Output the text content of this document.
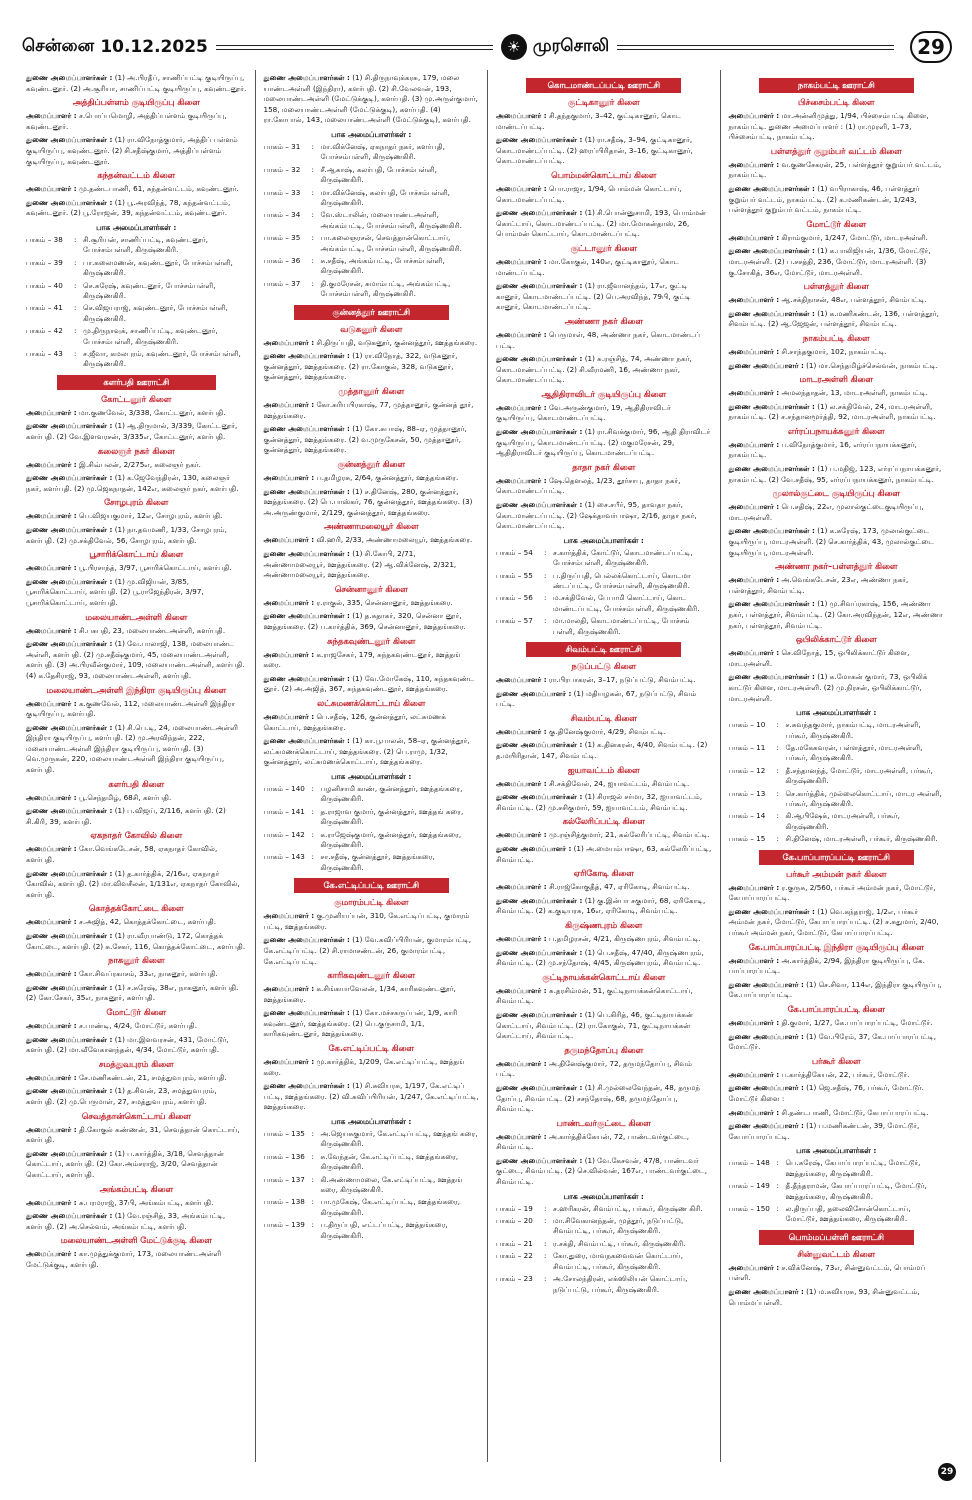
சென்னை 10.12.2025	☀ முரசொலி	29
துணை அமைப்பாளர்கள் : (1) அ.பிரதீப், சாணிப்பட்டி குடியிருப்பு, கவுண்டனூர். (2) அ.சூரியா, சாணிப்பட்டி குடியிருப்பு, கவுண்டனூர்.
அத்திப்பள்ளம் குடியிருப்பு கிளை
அமைப்பாளர் : ச.பொப்பமொழி, அத்திப்பள்ளம் குடியிருப்பு, கவுண்டனூர்.
துணை அமைப்பாளர்கள் : (1) ரா.விநோத்குமார், அத்திப் பள்ளம் குடியிருப்பு, கவுண்டனூர். (2) சி.சதீஷ்குமார், அத்திப்பள்ளம் குடியிருப்பு, கவுண்டனூர்.
கந்தன்வட்டம் கிளை
அமைப்பாளர் : மு.தண்டபாணி, 61, சுந்தன்வட்டம், கவுண்டனூர்.
துணை அமைப்பாளர்கள் : (1) பூ.அரவிந்த், 78, கந்தன்வட்டம், கவுண்டனூர். (2) பூ.ரோஜன், 39, கந்தன்வட்டம், கவுண்டனூர்.
பாக அமைப்பாளர்கள் :
பாகம் – 38	: சி.சூரியன், சாணிப்பட்டி, கவுண்டனூர், போச்சம்பள்ளி, கிருஷ்ணகிரி.
பாகம் – 39	: பா.கலைமணன், கவுண்டனூர், போச்சம்பள்ளி, கிருஷ்ணகிரி.
பாகம் – 40	: செ.சுரேஷ், கவுண்டனூர், போச்சம்பள்ளி, கிருஷ்ணகிரி.
பாகம் – 41	: செ.விஜயராஜ், கவுண்டனூர், போச்சம்பள்ளி, கிருஷ்ணகிரி.
பாகம் – 42	: மு.திருநாவுக், சாணிப்பட்டி, கவுண்டனூர், போச்சம்பள்ளி, கிருஷ்ணகிரி.
பாகம் – 43	: ச.ஜீவா, கமலபுரம், கவுண்டனூர், போச்சம்பள்ளி, கிருஷ்ணகிரி.
களர்பதி ஊராட்சி
கோட்டனூர் கிளை
அமைப்பாளர் : மா.குணவேல், 3/338, கோட்டனூர், களர்பதி.
துணை அமைப்பாளர்கள் : (1) ஆ.திருமால், 3/339, கோட்டனூர், களர்பதி. (2) வே.இளவரசன், 3/335எ, கோட்டனூர், களர்பதி.
கலைஞர் நகர் கிளை
அமைப்பாளர் : இ.சிவ்பலன், 2/275எ, கலைஞர் நகர்.
துணை அமைப்பாளர்கள் : (1) க.ஜேவேந்திரன், 130, கலைஞர் நகர், களர்பதி. (2) மு.ஜெகநாதன், 142எ, கலைஞர் நகர், களர்பதி.
சோழபுரம் கிளை
அமைப்பாளர் : பெ.விஜயகுமார், 12எ, சோழபுரம், களர்பதி.
துணை அமைப்பாளர்கள் : (1) நா.தவமணி, 1/33, சோழபுரம், களர்பதி. (2) மு.சக்திவேல், 56, சோழபுரம், களர்பதி.
பூசாரிக்கொட்டாய் கிளை
அமைப்பாளர் : பூ.பிரசாந்த், 3/97, பூசாரிக்கொட்டாய், களர்பதி.
துணை அமைப்பாளர்கள் : (1) மு.விஜியன், 3/85, பூசாரிக்கொட்டாய், களர்பதி. (2) பூ.ராஜேந்திரன், 3/97, பூசாரிக்கொட்டாய், களர்பதி.
மலையாண்டஅள்ளி கிளை
அமைப்பாளர் : சி.பசுபதி, 23, மலையாண்டஅள்ளி, களர்பதி.
துணை அமைப்பாளர்கள் : (1) வே.பாலாஜி, 138, மலையாண்ட அள்ளி, களர்பதி. (2) மு.சதீஷ்குமார், 45, மலையாண்டஅள்ளி, களர்பதி. (3) அ.பிரவீன்குமார், 109, மலையாண்டஅள்ளி, களர்பதி. (4) க.தேசிராஜ், 93, மலையாண்டஅள்ளி, களர்பதி.
மலையாண்டஅள்ளி இந்திரா குடியிருப்பு கிளை
அமைப்பாளர் : க.குணவேல், 112, மலையாண்டஅள்ளி இந்திரா குடியிருப்பு, களர்பதி.
துணை அமைப்பாளர்கள் : (1) சி.பெ.டி, 24, மலையாண்டஅள்ளி இந்திரா குடியிருப்பு, களர்பதி. (2) மு.அரவிந்தன், 222, மலையாண்டஅள்ளி இந்திரா குடியிருப்பு, களர்பதி. (3) வெ.முருகன், 220, மலையாண்டஅள்ளி இந்திரா குடியிருப்பு, களர்பதி.
களர்பதி கிளை
அமைப்பாளர் : பூ.செந்தமிழ், 68சி, களர்பதி.
துணை அமைப்பாளர்கள் : (1) ப.விஜய், 2/116, களர்பதி. (2) சி.கிரி, 39, களர்பதி.
ஏகநாதர் கோவில் கிளை
அமைப்பாளர் : கோ.வெங்கடேசன், 58, ஏகநாதர் கோவில், களர்பதி.
துணை அமைப்பாளர்கள் : (1) த.கார்த்திக், 2/16எ, ஏகநாதர் கோவில், களர்பதி. (2) மா.விவசீலன், 1/131எ, ஏகநாதர் கோவில், களர்பதி.
கொத்தக்கோட்டை கிளை
அமைப்பாளர் : ச.அஜித், 42, கொத்தக்கோட்டை, களர்பதி.
துணை அமைப்பாளர்கள் : (1) ரா.வீரபாண்டு, 172, கொத்தக் கோட்டை, களர்பதி. (2) சு.சேகர், 116, கொத்தக்கோட்டை, களர்பதி.
நாகனூர் கிளை
அமைப்பாளர் : கோ.சிவப்ரகாசம், 33எ, நாகனூர், களர்பதி.
துணை அமைப்பாளர்கள் : (1) ச.சுரேஷ், 38எ, நாகனூர், களர்பதி. (2) கோ.சேகர், 35எ, நாகனூர், களர்பதி.
மோட்டூர் கிளை
அமைப்பாளர் : ச.பாண்டி, 4/24, மோட்டூர், களர்பதி.
துணை அமைப்பாளர்கள் : (1) மா.இளவரசன், 431, மோட்டூர், களர்பதி. (2) மா.வீவேகானந்தன், 4/34, மோட்டூர், களர்பதி.
சமத்துவபுரம் கிளை
அமைப்பாளர் : சே.மணிகண்டன், 21, சமத்துவபுரம், களர்பதி.
துணை அமைப்பாளர்கள் : (1) த.சிவன், 23, சமத்துவபுரம், களர்பதி. (2) மு.பெருமாள், 27, சமத்துவபுரம், களர்பதி.
செவத்தான்கொட்டாய் கிளை
அமைப்பாளர் : தி.கோகுல் கண்ணன், 31, செவத்தான் கொட்டாய், களர்பதி.
துணை அமைப்பாளர்கள் : (1) ப.கார்த்திக், 3/18, செவத்தான் கொட்டாய், களர்பதி. (2) கோ.அம்சராஜ், 3/20, செவத்தான் கொட்டாய், களர்பதி.
அங்கம்பட்டி கிளை
அமைப்பாளர் : சு.பரமராஜ், 37பி, அங்கம்பட்டி, களர்பதி.
துணை அமைப்பாளர்கள் : (1) வே.ரஞ்சித், 33, அங்கம்பட்டி, களர்பதி. (2) அ.செல்வம், அங்கம்பட்டி, களர்பதி.
மலையாண்டஅள்ளி மேட்டுக்குடி கிளை
அமைப்பாளர் : கா.முத்துக்குமார், 173, மலையாண்டஅள்ளி மேட்டுக்குடி, களர்பதி.
துணை அமைப்பாளர்கள் : (1) சி.திருநாவுக்கரசு, 179, மலை யாண்டஅள்ளி (இந்திரா), களர்பதி. (2) சி.வேலவன், 193, மலையாண்டஅள்ளி (மேட்டுக்குடி), களர்பதி. (3) மு.அருள்குமார், 158, மலையாண்டஅள்ளி (மேட்டுக்குடி), களர்பதி. (4) ரா.கோபால், 143, மலையாண்டஅள்ளி (மேட்டுக்குடி), களர்பதி.
பாக அமைப்பாளர்கள் :
பாகம் – 31	: மா.விக்னேஷ், ஏகநாதர் நகர், களர்பதி, போச்சம்பள்ளி, கிருஷ்ணகிரி.
பாகம் – 32	: சீ.ஆகாஷ், கலர்பதி, போச்சம்பள்ளி, கிருஷ்ணகிரி.
பாகம் – 33	: மா.விக்னேஷ், கலர்பதி, போச்சம்பள்ளி, கிருஷ்ணகிரி.
பாகம் – 34	: வே.ஸ்டாலின், மலையாண்டஅள்ளி, அங்கம்பட்டி, போச்சம்பள்ளி, கிருஷ்ணகிரி.
பாகம் – 35	: பா.கலைஞரசன், செவத்தான்கொட்டாய், அங்கம்பட்டி, போச்சம்பள்ளி, கிருஷ்ணகிரி.
பாகம் – 36	: சு.சதீஷ், அங்கம்பட்டி, போச்சம்பள்ளி, கிருஷ்ணகிரி.
பாகம் – 37	: தி.குமரேசன், சுமாம்பட்டி, அங்கம்பட்டி, போச்சம்பள்ளி, கிருஷ்ணகிரி.
குன்னத்தூர் ஊராட்சி
வடுகனூர் கிளை
அமைப்பாளர் : சி.திருப்பதி, வடுகனூர், குன்னத்தூர், ஊத்தங்கரை.
துணை அமைப்பாளர்கள் : (1) ரா.விநோத், 322, வடுகனூர், குன்னத்தூர், ஊத்தங்கரை. (2) ரா.கோகுல், 328, வடுகனூர், குன்னத்தூர், ஊத்தங்கரை.
முத்தானூர் கிளை
அமைப்பாளர் : கோ.சுரியபிரகாஷ், 77, முத்தானூர், குன்னத் தூர், ஊத்தங்கரை.
துணை அமைப்பாளர்கள் : (1) கோ.சுபாஷ், 88–ஏ, முத்தானூர், குன்னத்தூர், ஊத்தங்கரை. (2) வ.முருகேசன், 50, முத்தானூர், குன்னத்தூர், ஊத்தங்கரை.
குன்னத்தூர் கிளை
அமைப்பாளர் : ப.தமிழரசு, 2/64, குன்னத்தூர், ஊத்தங்கரை.
துணை அமைப்பாளர்கள் : (1) ச.தினேஷ், 280, குன்னத்தூர், ஊத்தங்கரை. (2) பெ.பாஸ்கர், 76, குன்னத்தூர், ஊத்தங்கரை. (3) அ.அருண்குமார், 2/129, குன்னத்தூர், ஊத்தங்கரை.
அண்ணாமலையூர் கிளை
அமைப்பாளர் : வி.ஹரி, 2/33, அண்ணாமலையூர், ஊத்தங்கரை.
துணை அமைப்பாளர்கள் : (1) சி.கோபி, 2/71, அண்ணாமலையூர், ஊத்தங்கரை. (2) ஆ.விக்னேஷ், 2/321, அண்ணாமலையூர், ஊத்தங்கரை.
சென்னானூர் கிளை
அமைப்பாளர் : ர.ராகுல், 335, சென்னானூர், ஊத்தங்கரை.
துணை அமைப்பாளர்கள் : (1) த.சுதாகர், 320, சென்னா னூர், ஊத்தங்கரை. (2) ப.கார்த்திக், 369, சென்னானூர், ஊத்தங்கரை.
சுந்தகவுண்டனூர் கிளை
அமைப்பாளர் : க.ராஜசேகர், 179, சுந்தகவுண்டனூர், ஊத்தங் கரை.
துணை அமைப்பாளர்கள் : (1) வே.மோகேஷ், 110, சுந்தகவுண்ட னூர். (2) அ.அஜித், 367, சுந்தகவுண்டனூர், ஊத்தங்கரை.
லட்சுமணக்கொட்டாய் கிளை
அமைப்பாளர் : பெ.சதீஷ், 126, குன்னத்தூர், லட்சுமணக் கொட்டாய், ஊத்தங்கரை.
துணை அமைப்பாளர்கள் : (1) கா.பூபாலன், 58–ஏ, குன்னத்தூர், லட்சுமணக்கொட்டாய், ஊத்தங்கரை. (2) பெ.ராமு, 1/32, குன்னத்தூர், லட்சுமணக்கொட்டாய், ஊத்தங்கரை.
பாக அமைப்பாளர்கள் :
பாகம் – 140 : பழனிசாமி காண், குன்னத்தூர், ஊத்தங்கரை, கிருஷ்ணகிரி.
பாகம் – 141 : த.ராஜாவ குமார், குன்னத்தூர், ஊத்தங் கரை, கிருஷ்ணகிரி.
பாகம் – 142 : க.ராஜேஷ்குமார், குன்னத்தூர், ஊத்தங்கரை, கிருஷ்ணகிரி.
பாகம் – 143 : சா.சதீஷ், குன்னத்தூர், ஊத்தங்கரை, கிருஷ்ணகிரி.
கே.எட்டிப்பட்டி ஊராட்சி
குமாரம்பட்டி கிளை
அமைப்பாளர் : கு.முனியப்பன், 310, கே.எட்டிப்பட்டி, குமாரம் பட்டி, ஊத்தங்கரை.
துணை அமைப்பாளர்கள் : (1) வே.சுவிப்பிரியன், குமாரம்பட்டி, கே.எட்டிப்பட்டி. (2) சி.ராமாசண்டன், 26, குமாரம்பட்டி, கே.எட்டிப்பட்டி.
காரிகவுண்டனூர் கிளை
அமைப்பாளர் : க.சிங்கயாவேலன், 1/34, காரிகவுண்டனூர், ஊத்தங்கரை.
துணை அமைப்பாளர்கள் : (1) கோ.மச்சகருப்பன், 1/9, காரி கவுண்டனூர், ஊத்தங்கரை. (2) பெ.குருசாமி, 1/1, காரிகவுண்டனூர், ஊத்தங்கரை.
கே.எட்டிப்பட்டி கிளை
அமைப்பாளர் : மு.கார்த்திக், 1/209, கே.எட்டிப்பட்டி, ஊத்தங் கரை.
துணை அமைப்பாளர்கள் : (1) சி.சுவியரசு, 1/197, கே.எட்டிப் பட்டி, ஊத்தங்கரை. (2) வி.சுவிப்பிரியன், 1/247, கே.எட்டிப்பட்டி, ஊத்தங்கரை.
பாக அமைப்பாளர்கள் :
பாகம் – 135 : அ.ஜெயசுகுமார், கே.எட்டிப்பட்டி, ஊத்தங் கரை, கிருஷ்ணகிரி.
பாகம் – 136 : சு.வேந்தன், கே.எட்டிப்பட்டி, ஊத்தங்கரை, கிருஷ்ணகிரி.
பாகம் – 137 : கி.அண்ணாமலை, கே.எட்டிப்பட்டி, ஊத்தங் கரை, கிருஷ்ணகிரி.
பாகம் – 138 : பா.முகேஷ், கே.எட்டிப்பட்டி, ஊத்தங்கரை, கிருஷ்ணகிரி.
பாகம் – 139 : ப.திருப்பதி, எட்டப்பட்டி, ஊத்தங்கரை, கிருஷ்ணகிரி.
கொடமாண்டப்பட்டி ஊராட்சி
குட்டிகானூர் கிளை
அமைப்பாளர் : சி.தந்தகுமார், 3–42, குட்டிகானூர், கொட மாண்டப்பட்டி.
துணை அமைப்பாளர்கள் : (1) ரா.சதீஷ், 3–94, குட்டிகானூர், கொடமாண்டப்பட்டி. (2) ஹரப்பிரிதான், 3–16, குட்டிகானூர், கொடமாண்டப்பட்டி.
பொம்மன்கொட்டாய் கிளை
அமைப்பாளர் : பொ.ராஜா, 1/94, பொம்மன் கொட்டாய், கொடமாண்டப்பட்டி.
துணை அமைப்பாளர்கள் : (1) சி.பொன்னுசாமி, 193, பொம்மன் கொட்டாய், கொடமாண்டப்பட்டி. (2) மா.மோகன்தாஸ், 26, பொம்மன் கொட்டாய், கொடமாண்டப்பட்டி.
குட்டானூர் கிளை
அமைப்பாளர் : மா.கோகுல், 140எ, குட்டிகானூர், கொட மாண்டப்பட்டி.
துணை அமைப்பாளர்கள் : (1) ரா.ஜீவானந்தம், 17எ, குட்டி கானூர், கொடமாண்டப்பட்டி. (2) பெ.அரவிந்த், 79பி, குட்டி கானூர், கொடமாண்டப்பட்டி.
அண்ணா நகர் கிளை
அமைப்பாளர் : பெருமாள், 48, அண்ணா நகர், கொடமாண்டப் பட்டி.
துணை அமைப்பாளர்கள் : (1) சு.ரஞ்சித், 74, அண்ணா நகர், கொடமாண்டப்பட்டி. (2) சி.வீரமணி, 16, அண்ணா நகர், கொடமாண்டப்பட்டி.
ஆதிதிராவிடர் குடியிருப்பு கிளை
அமைப்பாளர் : வே.அருண்குமார், 19, ஆதிதிராவிடர் குடியிருப்பு, கொடமாண்டப்பட்டி.
துணை அமைப்பாளர்கள் : (1) ரா.சிவக்குமார், 96, ஆதி திராவிடர் குடியிருப்பு, கொடமாண்டப்பட்டி. (2) மகுமரேசன், 29, ஆதிதிராவிடர் குடியிருப்பு, கொடமாண்டப்பட்டி.
தாதா நகர் கிளை
அமைப்பாளர் : ஷே.தெளலத், 1/23, தூர்சாபு, தாதா நகர், கொடமாண்டப்பட்டி.
துணை அமைப்பாளர்கள் : (1) சை.சபீர், 95, தாவதா நகர், கொடமாண்டப்பட்டி. (2) ஷேக்தாவர்பாஷா, 2/16, தாதா நகர், கொடமாண்டப்பட்டி.
பாக அமைப்பாளர்கள் :
பாகம் – 54	: ச.கார்த்திக், கோட்டூர், கொடமாண்டப்பட்டி, போச்சம்பள்ளி, கிருஷ்ணகிரி.
பாகம் – 55	: ப.திருப்பதி, பெல்லக்கொட்டாய், கொடமா ண்டப்பட்டி, போச்சம்பள்ளி, கிருஷ்ணகிரி.
பாகம் – 56	: ம.சக்திவேல், பேபாமி கொட்டாய், கொட மாண்டப்பட்டி, போச்சம்பள்ளி, கிருஷ்ணகிரி.
பாகம் – 57	: மா.மாலதி, கொடமாண்டப்பட்டி, போச்சம் பள்ளி, கிருஷ்ணகிரி.
சிவம்பட்டி ஊராட்சி
நடுப்பட்டு கிளை
அமைப்பாளர் : ரா.பிரபாகரன், 3–17, நடுப்பட்டு, சிவம்பட்டி.
துணை அமைப்பாளர் : (1) மதியழகன், 67, நடுப்பட்டு, சிவம் பட்டி.
சிவம்பட்டி கிளை
அமைப்பாளர் : கு.தினேஷ்குமார், 4/29, சிவம்பட்டி.
துணை அமைப்பாளர்கள் : (1) க.தினகரன், 4/40, சிவம்பட்டி. (2) த.மயிரிதான், 147, சிவம்பட்டி.
ஐயாவட்டம் கிளை
அமைப்பாளர் : சி.சக்திவேல், 24, ஐயாவட்டம், சிவம்பட்டி.
துணை அமைப்பாளர்கள் : (1) சிராஜல் சர்மா, 32, ஐயாவட்டம், சிவம்பட்டி. (2) மு.சசிகுமார், 59, ஐயாவட்டம், சிவம்பட்டி.
கல்லேரிப்பட்டி கிளை
அமைப்பாளர் : மு.ரஞ்சித்குமார், 21, கல்லேரிப்பட்டி, சிவம்பட்டி.
துணை அமைப்பாளர் : (1) அ.மையம்பாஷா, 63, கல்லேரிப்பட்டி, சிவம்பட்டி.
ஏரிகோடி கிளை
அமைப்பாளர் : சி.ராஜ்கோகுதீத், 47, ஏரிகோடி, சிவம்பட்டி.
துணை அமைப்பாளர்கள் : (1) கு.இன்பா சகுமார், 68, ஏரிகோடி, சிவம்பட்டி. (2) க.குடியரசு, 16எ, ஏரிகோடி, சிவம்பட்டி.
கிருஷ்ணபுரம் கிளை
அமைப்பாளர் : ப.தமிழரசன், 4/21, கிருஷ்ணபுரம், சிவம்பட்டி.
துணை அமைப்பாளர்கள் : (1) பெ.சதீஷ், 47/40, கிருஷ்ணபுரம், சிவம்பட்டி. (2) மு.சந்தோஷ், 4/45, கிருஷ்ணபுரம், சிவம்பட்டி.
குட்டிநாயக்கன்கொட்டாய் கிளை
அமைப்பாளர் : சு.தரசிம்மன், 51, குட்டிநாயக்கன்கொட்டாய், சிவம்பட்டி.
துணை அமைப்பாளர்கள் : (1) பெ.கிரித், 46, குட்டிநாயக்கன் கொட்டாய், சிவம்பட்டி. (2) ரா.கோகுல், 71, குட்டிநாயக்கன் கொட்டாய், சிவம்பட்டி.
தருமந்தோப்பு கிளை
அமைப்பாளர் : அ.தினேஷ்குமார், 72, தருமந்தோப்பு, சிவம் பட்டி.
துணை அமைப்பாளர்கள் : (1) சி.முல்லைவேந்தன், 48, தருமந் தோப்பு, சிவம்பட்டி. (2) சசந்தோஷ், 68, தருமந்தோப்பு, சிவம்பட்டி.
பாண்டவர்குட்டை கிளை
அமைப்பாளர் : அ.கார்த்திக்கேயன், 72, பாண்டவர்குட்டை, சிவம்பட்டி.
துணை அமைப்பாளர்கள் : (1) வே.கேசவன், 47/8, பாண்டவர் குட்டை, சிவம்பட்டி. (2) செ.வில்வன், 167எ, பாண்டவர்குட்டை, சிவம்பட்டி.
பாக அமைப்பாளர்கள் :
பாகம் – 19	: ச.ஹரிகரன், சிவம்பட்டி, பர்கூர், கிருஷ்ண கிரி.
பாகம் – 20	: மா.சிவேகானந்தன், முத்தூர், நடுப்பட்டு, சிவம்பட்டி, பர்கூர், கிருஷ்ணகிரி.
பாகம் – 21	: ர.சக்தி, சிவம்பட்டி, பர்கூர், கிருஷ்ணகிரி.
பாகம் – 22	: கோ.துரை, மாவநகவைவன் கொட்டாய், சிவம்பட்டி, பர்கூர், கிருஷ்ணகிரி.
பாகம் – 23	: அ.சோலந்திரன், எக்ஸிலியன் கொட்டாய், நடுப்பட்டு, பர்கூர், கிருஷ்ணகிரி.
நாகம்பட்டி ஊராட்சி
பிச்சைம்பட்டி கிளை
அமைப்பாளர் : மா.அன்னிமுத்து, 1/94, பிச்சைம்பட்டி கிளை, நாகம்பட்டி. துணை அமைப்பாளர் : (1) ரா.முரளி, 1–73, பிச்சைம்பட்டி, நாகம்பட்டி.
பள்ளத்தூர் குறும்பர் வட்டம் கிளை
அமைப்பாளர் : வ.குணசேகரன், 25, பள்ளத்தூர் குறும்பர் வட்டம், நாகம்பட்டி.
துணை அமைப்பாளர்கள் : (1) வபிராகாஷ், 46, பள்ளத்தூர் குறும்பர் வட்டம், நாகம்பட்டி. (2) க.மணிகண்டன், 1/243, பள்ளத்தூர் குறும்பர் வட்டம், நாகம்பட்டி.
மோட்டூர் கிளை
அமைப்பாளர் : கிராம்குமார், 1/247, மோட்டூர், மாடரஅள்ளி.
துணை அமைப்பாளர்கள் : (1) க.பாலிஜியன், 1/36, மோட்டூர், மாடரஅள்ளி. (2) ப.சசத்தி, 236, மோட்டூர், மாடரஅள்ளி. (3) கு.சோகித், 36எ, மோட்டூர், மாடரஅள்ளி.
பள்ளத்தூர் கிளை
அமைப்பாளர் : ஆ.சக்திநாசன், 48எ, பள்ளத்தூர், சிவம்பட்டி.
துணை அமைப்பாளர்கள் : (1) க.மணிகண்டன், 136, பள்ளத்தூர், சிவம்பட்டி. (2) ஆ.ஜேஜன், பள்ளத்தூர், சிவம்பட்டி.
நாகம்பட்டி கிளை
அமைப்பாளர் : சி.சாந்தகுமார், 102, நாகம்பட்டி.
துணை அமைப்பாளர் : (1) மா.செந்தமிழ்ச்செல்வன், நாகம்பட்டி.
மாடரஅள்ளி கிளை
அமைப்பாளர் : அமலந்தாதன், 13, மாடரஅள்ளி, நாகம்பட்டி.
துணை அமைப்பாளர்கள் : (1) ல.சக்திவேல், 24, மாடரஅள்ளி, நாகம்பட்டி. (2) ச.சந்தானமூர்த்தி, 92, மாடரஅள்ளி, நாகம்பட்டி.
எர்ரப்பநாயக்கனூர் கிளை
அமைப்பாளர் : ப.விநோத்குமார், 16, எர்ரப்பநாயக்கனூர், நாகம்பட்டி.
துணை அமைப்பாளர்கள் : (1) ப.மதிஜ், 123, எர்ரப்பநாயக்கனூர், நாகம்பட்டி. (2) வே.சதீஷ், 95, எர்ரப்பநாயக்கனூர், நாகம்பட்டி.
முலால்குட்டை குடியிருப்பு கிளை
அமைப்பாளர் : பெ.சதிஷ், 22எ, முலால்குட்டைகுடியிருப்பு, மாடரஅள்ளி.
துணை அமைப்பாளர்கள் : (1) க.சுரேஷ், 173, முலால்குட்டை குடியிருப்பு, மாடரஅள்ளி. (2) செ.கார்த்திக், 43, முலால்குட்டை குடியிருப்பு, மாடரஅள்ளி.
அண்ணா நகர்–பள்ளத்தூர் கிளை
அமைப்பாளர் : அ.வெங்கடேசன், 23எ, அண்ணா நகர், பள்ளத்தூர், சிவம்பட்டி.
துணை அமைப்பாளர்கள் : (1) மு.சிவப்ரகாஷ், 156, அண்ணா நகர், பள்ளத்தூர், சிவம்பட்டி. (2) கோ.அரவிந்தன், 12எ, அண்ணா நகர், பள்ளத்தூர், சிவம்பட்டி.
ஒபிலிக்காட்டூர் கிளை
அமைப்பாளர் : செ.விநோத், 15, ஒபிலிக்காட்டூர் கிளை, மாடரஅள்ளி.
துணை அமைப்பாளர்கள் : (1) க.மோகன் குமார், 73, ஒபிலிக் காட்டூர் கிளை, மாடரஅள்ளி. (2) மு.நிரசன், ஒபிலிக்காட்டூர், மாடரஅள்ளி.
பாக அமைப்பாளர்கள் :
பாகம் – 10	: ச.சுவந்தகுமார், நாகம்பட்டி, மாடரஅள்ளி, பர்கூர், கிருஷ்ணகிரி.
பாகம் – 11	: தே.மகேசுவரன், பள்ளத்தூர், மாடரஅள்ளி, பர்கூர், கிருஷ்ணகிரி.
பாகம் – 12	: தீ.சந்தானந்த், மோட்டூர், மாடரஅள்ளி, பர்கூர், கிருஷ்ணகிரி.
பாகம் – 13	: செ.கார்த்திக், முல்லைகொட்டாய், மாடர அள்ளி, பர்கூர், கிருஷ்ணகிரி.
பாகம் – 14	: கி.ஆபிஷேக், மாடரஅள்ளி, பர்கூர், கிருஷ்ணகிரி.
பாகம் – 15	: சி.தினேஷ், மாடரஅள்ளி, பர்கூர், கிருஷ்ணகிரி.
கே.பாப்பாரப்பட்டி ஊராட்சி
பர்கூர் அம்மன் நகர் கிளை
அமைப்பாளர் : ர.குருசு, 2/560, பர்கூர் அம்மன் நகர், மோட்டூர், கேபாப்பாரப்பட்டி.
துணை அமைப்பாளர்கள் : (1) வெ.கந்தராஜ், 1/2எ, பர்கூர் அம்மன் நகர், மோட்டூர், கேபாப்பாரப்பட்டி. (2) ச.சுதுமார், 2/40, பர்கூர் அம்மன் நகர், மோட்டூர், கேபாப்பாரப்பட்டி.
கே.பாப்பாரப்பட்டி இந்திரா குடியிருப்பு கிளை
அமைப்பாளர் : அ.கார்த்திக், 2/94, இந்திரா குடியிருப்பு, கே. பாப்பாரப்பட்டி.
துணை அமைப்பாளர் : (1) செ.சிவா, 114எ, இந்திரா குடியிருப்பு, கே.பாப்பாரப்பட்டி.
கே.பாப்பாரப்பட்டி கிளை
அமைப்பாளர் : தி.குமார், 1/27, கே.பாப்பாரப்பட்டி, மோட்டூர்.
துணை அமைப்பாளர் : (1) வே.பிரேம், 37, கே.பாப்பாரப்பட்டி, மோட்டூர்.
பர்கூர் கிளை
அமைப்பாளர் : ப.கார்த்திகேயன், 22, பர்கூர், மோட்டூர்.
துணை அமைப்பாளர் : (1) ஜெ.சதீஷ், 76, பர்கூர், மோட்டூர். மோட்டூர் கிளை :
அமைப்பாளர் : சி.தண்டபாணி, மோட்டூர், கேபாப்பாரப்பட்டி.
துணை அமைப்பாளர் : (1) ப.மணிகண்டன், 39, மோட்டூர், கேபாப்பாரப்பட்டி.
பாக அமைப்பாளர்கள் :
பாகம் – 148 : பெ.சுரேஷ், கேபாப்பாரப்பட்டி, மோட்டூர், ஊத்தங்கரை, கிருஷ்ணகிரி.
பாகம் – 149 : தீ.தீந்தராமன், கேபாப்பாரப்பட்டி, மோட்டூர், ஊத்தங்கரை, கிருஷ்ணகிரி.
பாகம் – 150 : ல.திருப்பதி, தலைவிசோன்கொட்டாய், மோட்டூர், ஊத்தங்கரை, கிருஷ்ணகிரி.
பொம்மப்பள்ளி ஊராட்சி
சின்னுவட்டம் கிளை
அமைப்பாளர் : ச.விக்னேஷ், 73எ, சின்னுவட்டம், பொம்மப் பள்ளி.
துணை அமைப்பாளர் : (1) ம.சுவியரசு, 93, சின்னுவட்டம், பொம்மப்பள்ளி.
29
